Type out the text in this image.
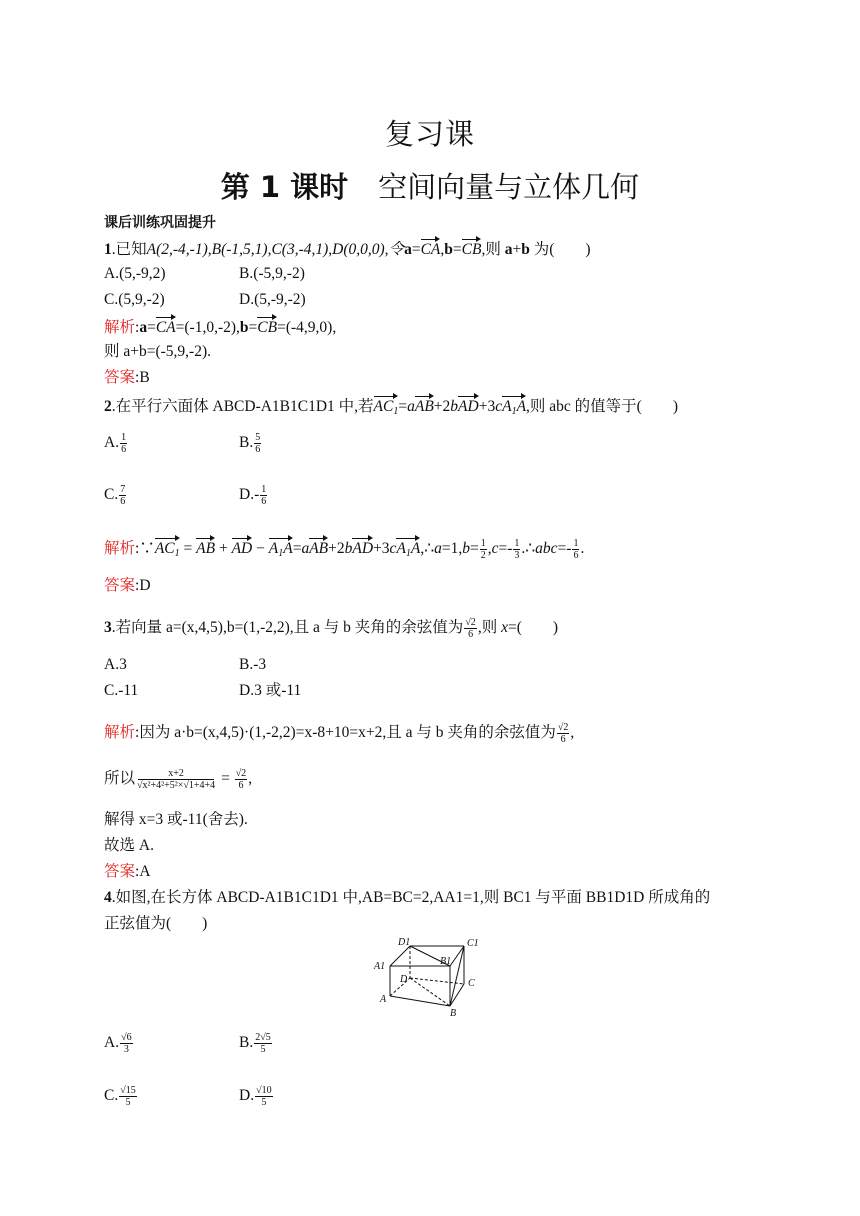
复习课
第 1 课时 空间向量与立体几何
课后训练巩固提升
1.已知A(2,-4,-1),B(-1,5,1),C(3,-4,1),D(0,0,0),令a=CA,b=CB,则 a+b 为(　　)
A.(5,-9,2)	B.(-5,9,-2)
C.(5,9,-2)	D.(5,-9,-2)
解析:a=CA=(-1,0,-2),b=CB=(-4,9,0),
则 a+b=(-5,9,-2).
答案:B
2.在平行六面体 ABCD-A1B1C1D1 中,若$AC_1=aAB+2bAD+3cA_1A$,则 abc 的值等于(　　)
A. $\frac{1}{6}$	B. $\frac{5}{6}$
C. $\frac{7}{6}$	$D.- \frac{1}{6}$
解析$:\because AC_1$ = AB + AD − $A_1A=aAB+2bAD+3cA_1A,\therefore a=1,b= \frac{1}{2} ,c=- \frac{1}{3}$ .∴abc=- $\frac{1}{6}$ .
答案:D
3.若向量 a=(x,4,5),b=(1,-2,2),且 a 与 b 夹角的余弦值为 $\frac{√2}{6}$ ,则 x=(　　)
A.3	B.-3
C.-11	D.3 或-11
解析:因为 a·b=(x,4,5)·(1,-2,2)=x-8+10=x+2,且 a 与 b 夹角的余弦值为 $\frac{√2}{6}$ ,
所以 $\frac{x+2}{\text{√x²+4²+5²×√1+4+4}} = \frac{√2}{6}$ ,
解得 x=3 或-11(舍去).
故选 A.
答案:A
4.如图,在长方体 ABCD-A1B1C1D1 中,AB=BC=2,AA1=1,则 BC1 与平面 BB1D1D 所成角的
正弦值为(　　)
D1	C1
A1	B1
D	C
A
B
A. $\frac{√6}{3}$	B. $\frac{2√5}{5}$
C. $\frac{√15}{5}$	D. $\frac{√10}{5}$
